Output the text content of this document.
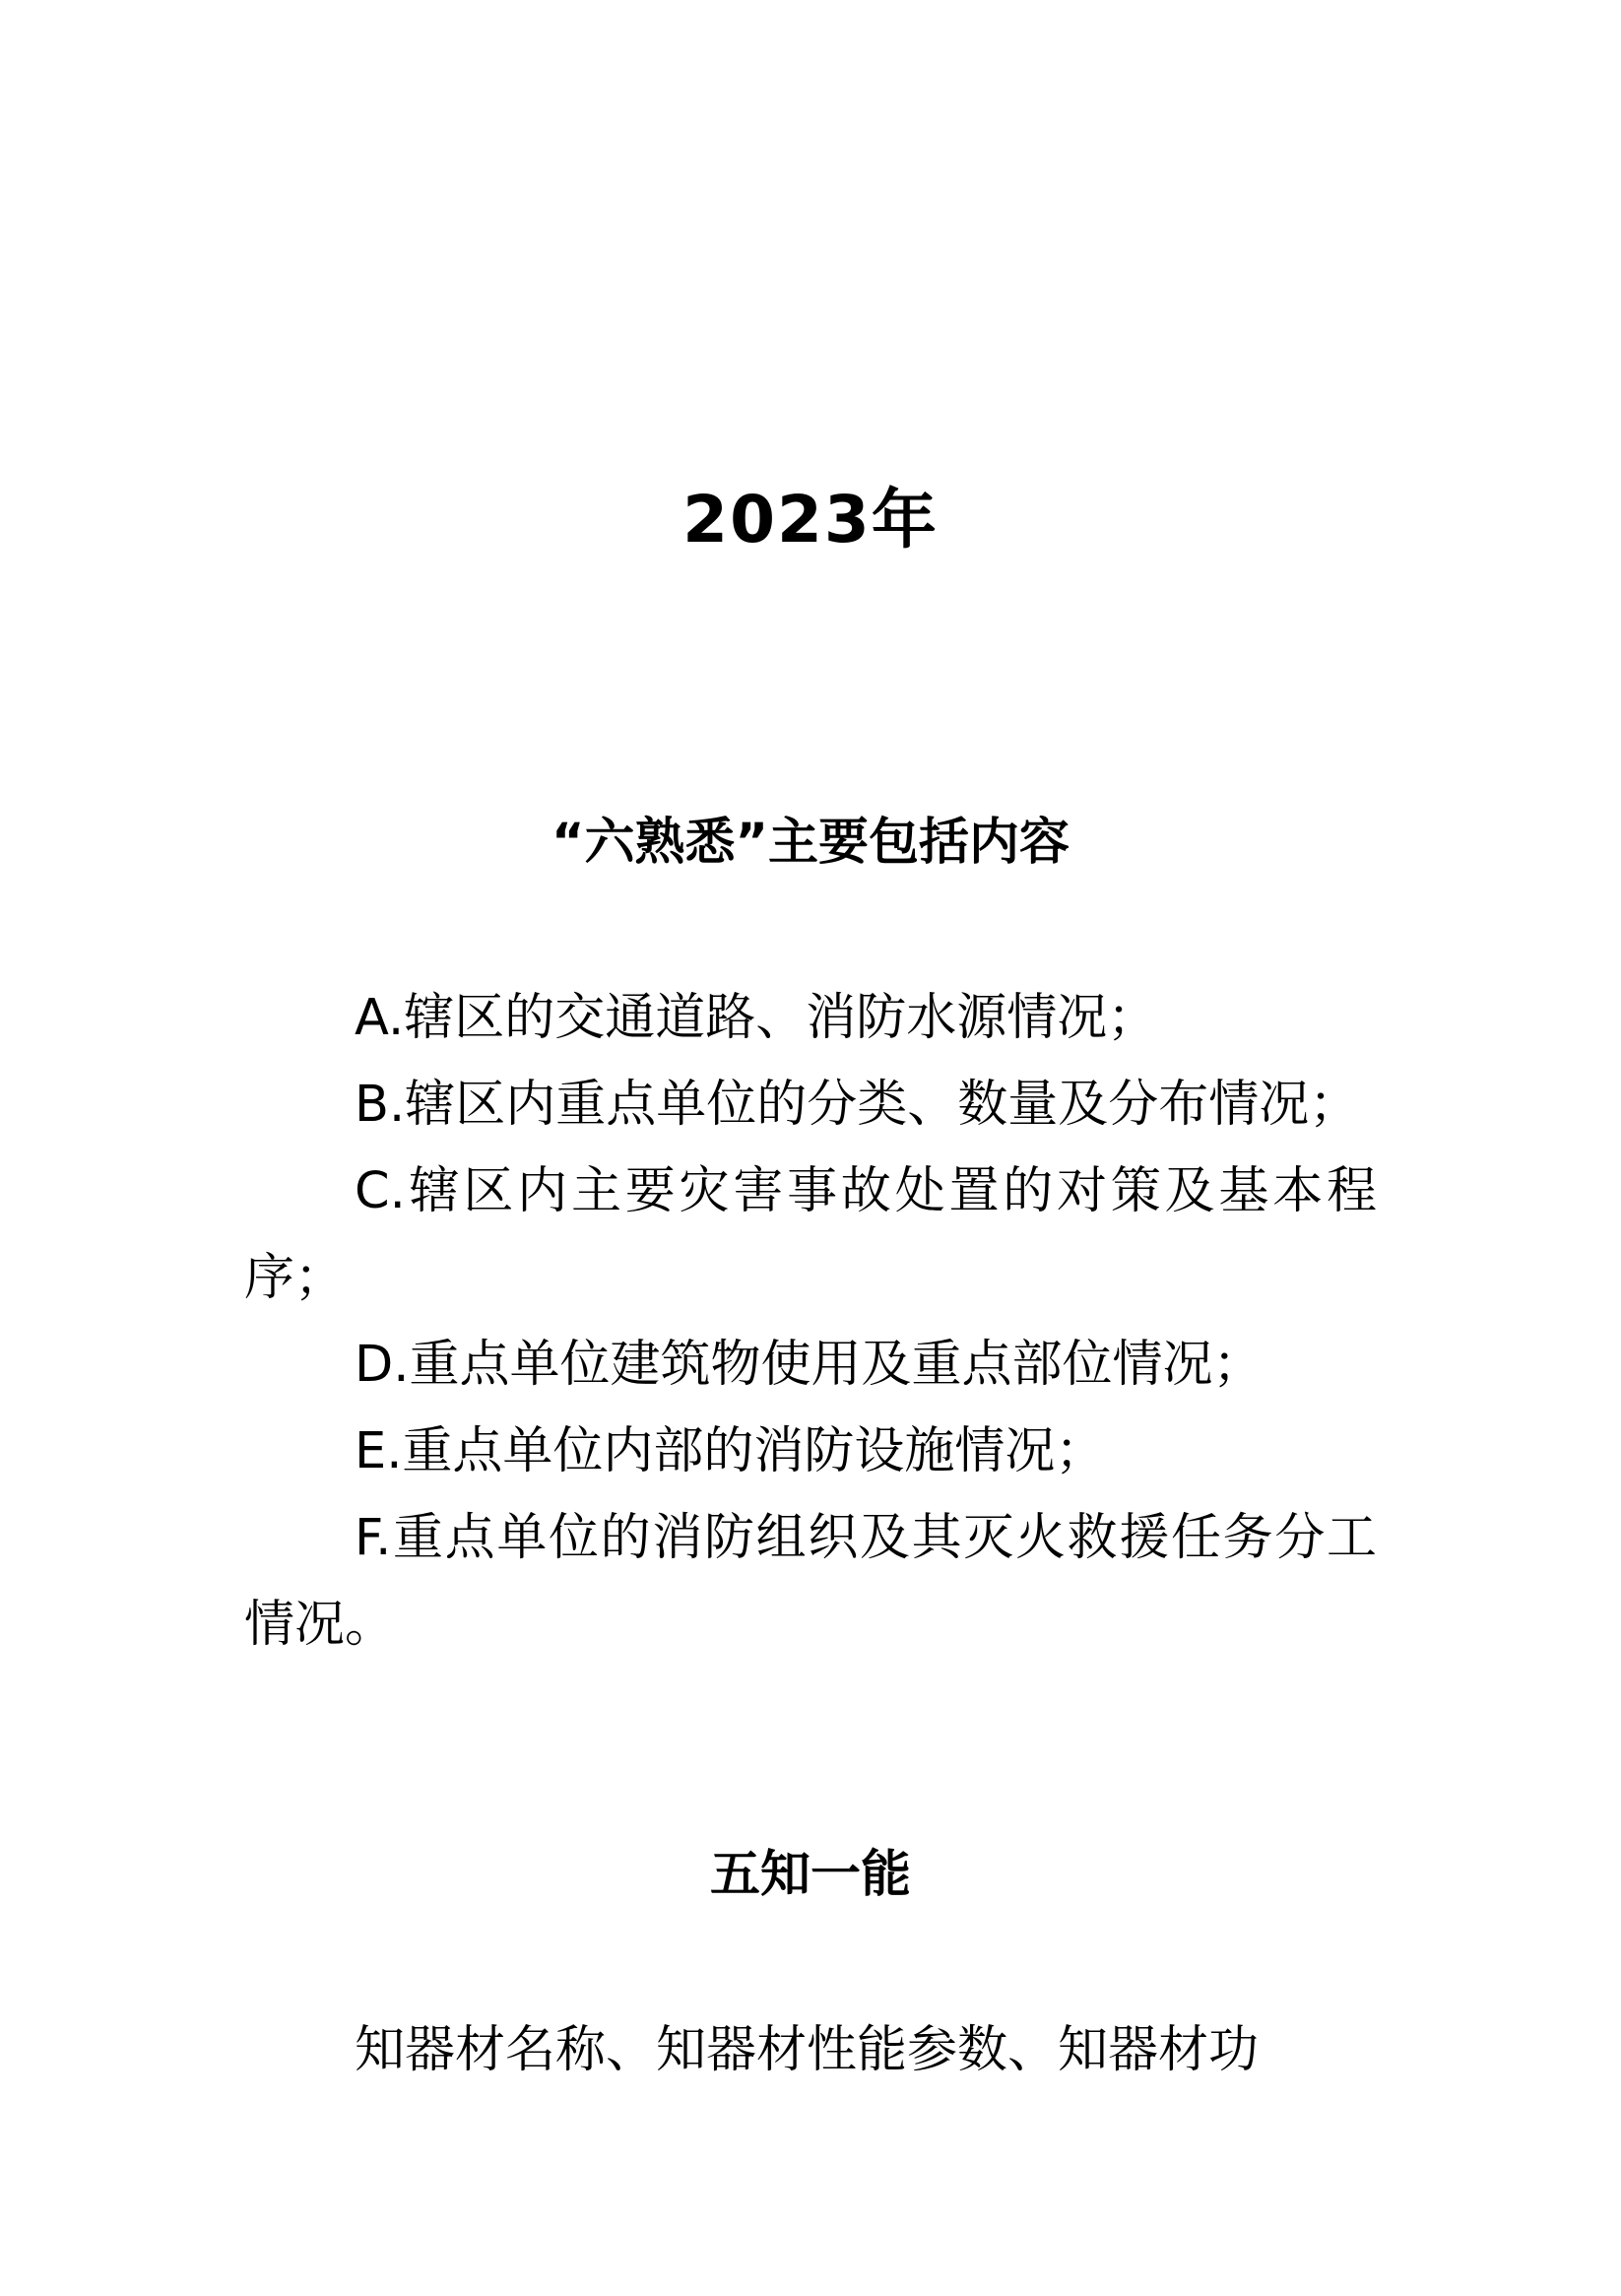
2023年
“六熟悉”主要包括内容

A.辖区的交通道路、消防水源情况；

B.辖区内重点单位的分类、数量及分布情况；

C.辖区内主要灾害事故处置的对策及基本程序；

D.重点单位建筑物使用及重点部位情况；

E.重点单位内部的消防设施情况；

F.重点单位的消防组织及其灭火救援任务分工情况。

五知一能

知器材名称、知器材性能参数、知器材功
